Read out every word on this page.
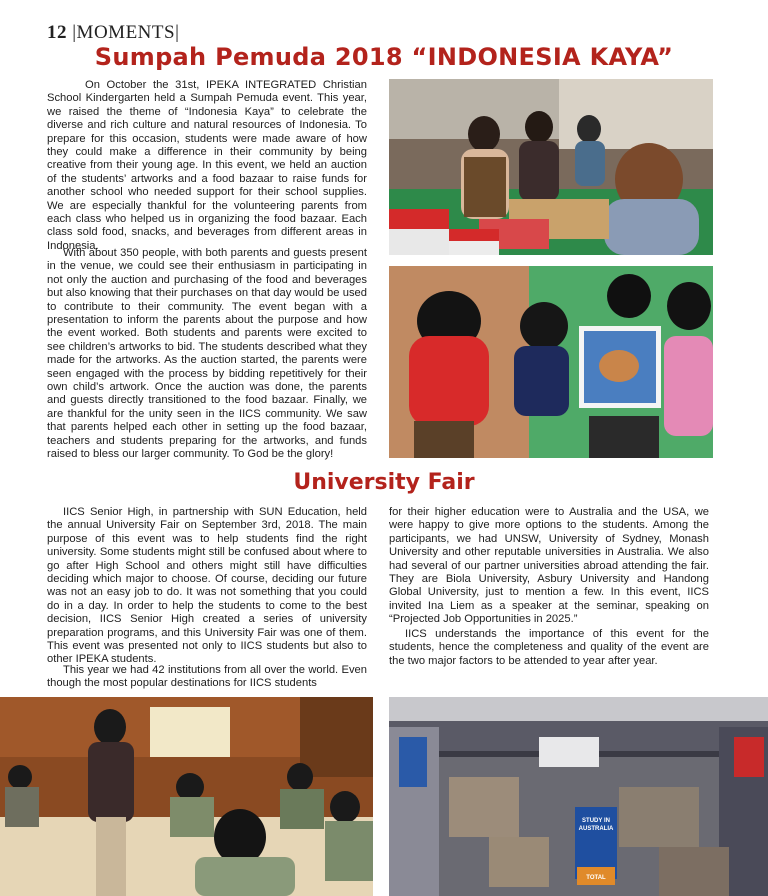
12 |MOMENTS|
Sumpah Pemuda 2018 “INDONESIA KAYA”

On October the 31st, IPEKA INTEGRATED Christian School Kindergarten held a Sumpah Pemuda event. This year, we raised the theme of “Indonesia Kaya” to celebrate the diverse and rich culture and natural resources of Indonesia. To prepare for this occasion, students were made aware of how they could make a difference in their community by being creative from their young age. In this event, we held an auction of the students’ artworks and a food bazaar to raise funds for another school who needed support for their school supplies. We are especially thankful for the volunteering parents from each class who helped us in organizing the food bazaar. Each class sold food, snacks, and beverages from different areas in Indonesia.

With about 350 people, with both parents and guests present in the venue, we could see their enthusiasm in participating in not only the auction and purchasing of the food and beverages but also knowing that their purchases on that day would be used to contribute to their community. The event began with a presentation to inform the parents about the purpose and how the event worked. Both students and parents were excited to see children’s artworks to bid. The students described what they made for the artworks. As the auction started, the parents were seen engaged with the process by bidding repetitively for their own child’s artwork. Once the auction was done, the parents and guests directly transitioned to the food bazaar. Finally, we are thankful for the unity seen in the IICS community. We saw that parents helped each other in setting up the food bazaar, teachers and students preparing for the artworks, and funds raised to bless our larger community. To God be the glory!

University Fair

IICS Senior High, in partnership with SUN Education, held the annual University Fair on September 3rd, 2018. The main purpose of this event was to help students find the right university. Some students might still be confused about where to go after High School and others might still have difficulties deciding which major to choose. Of course, deciding our future was not an easy job to do. It was not something that you could do in a day. In order to help the students to come to the best decision, IICS Senior High created a series of university preparation programs, and this University Fair was one of them. This event was presented not only to IICS students but also to other IPEKA students.

This year we had 42 institutions from all over the world. Even though the most popular destinations for IICS students

for their higher education were to Australia and the USA, we were happy to give more options to the students. Among the participants, we had UNSW, University of Sydney, Monash University and other reputable universities in Australia. We also had several of our partner universities abroad attending the fair. They are Biola University, Asbury University and Handong Global University, just to mention a few. In this event, IICS invited Ina Liem as a speaker at the seminar, speaking on “Projected Job Opportunities in 2025.”

IICS understands the importance of this event for the students, hence the completeness and quality of the event are the two major factors to be attended to year after year.

STUDY IN
AUSTRALIA
TOTAL
